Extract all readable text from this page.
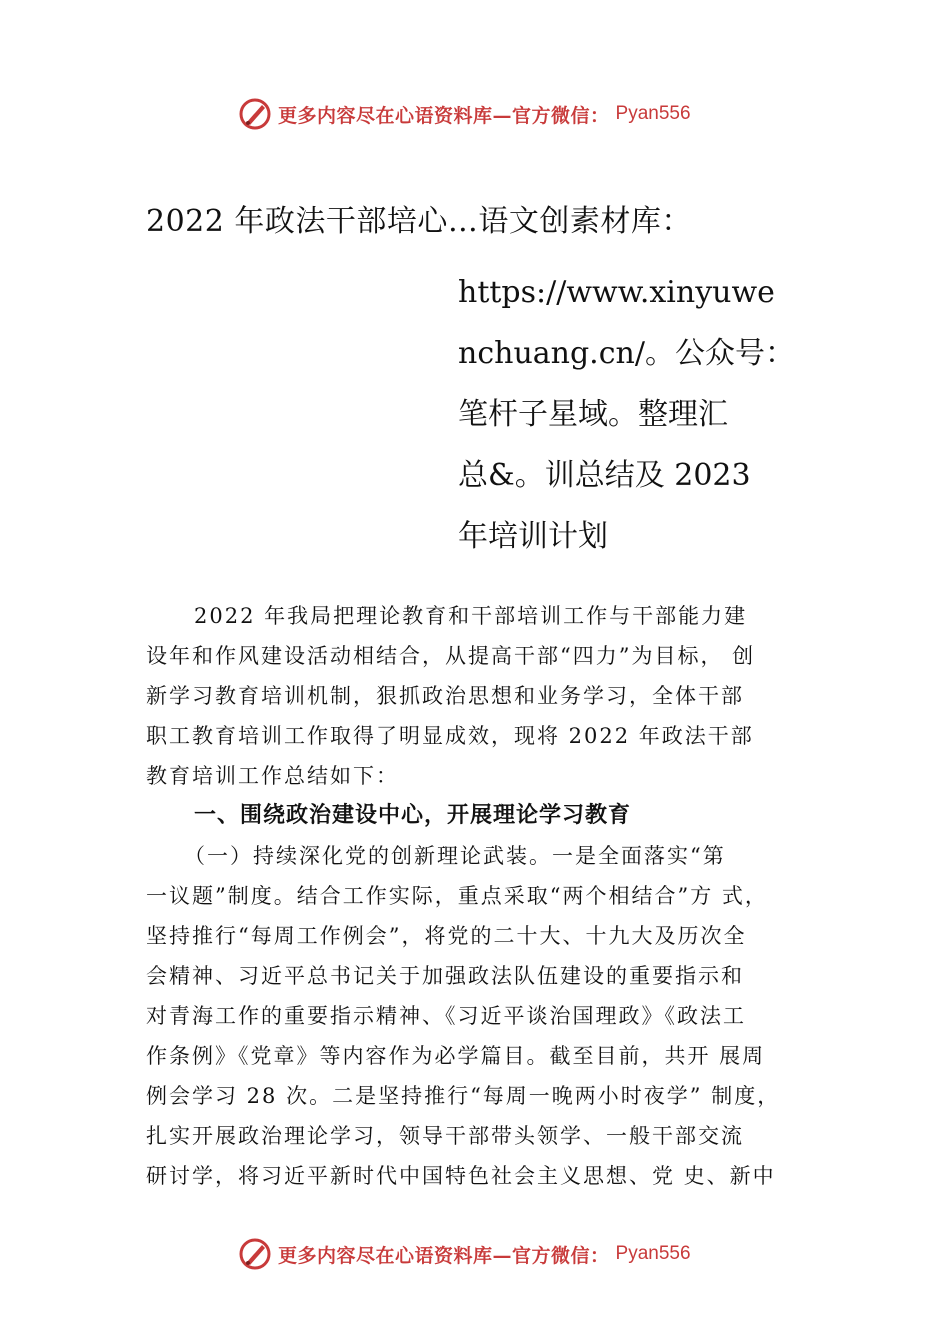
更多内容尽在心语资料库—官方微信： Pyan556
2022 年政法干部培心…语文创素材库：
https://www.xinyuwe
nchuang.cn/。公众号：
笔杆子星域。整理汇
总&。训总结及 2023
年培训计划
2022 年我局把理论教育和干部培训工作与干部能力建
设年和作风建设活动相结合，从提高干部“四力”为目标， 创
新学习教育培训机制，狠抓政治思想和业务学习，全体干部
职工教育培训工作取得了明显成效，现将 2022 年政法干部
教育培训工作总结如下：
一、围绕政治建设中心，开展理论学习教育
（一）持续深化党的创新理论武装。一是全面落实“第
一议题”制度。结合工作实际，重点采取“两个相结合”方 式，
坚持推行“每周工作例会”，将党的二十大、十九大及历次全
会精神、习近平总书记关于加强政法队伍建设的重要指示和
对青海工作的重要指示精神、《习近平谈治国理政》《政法工
作条例》《党章》等内容作为必学篇目。截至目前，共开 展周
例会学习 28 次。二是坚持推行“每周一晚两小时夜学” 制度，
扎实开展政治理论学习，领导干部带头领学、一般干部交流
研讨学，将习近平新时代中国特色社会主义思想、党 史、新中
更多内容尽在心语资料库—官方微信： Pyan556
